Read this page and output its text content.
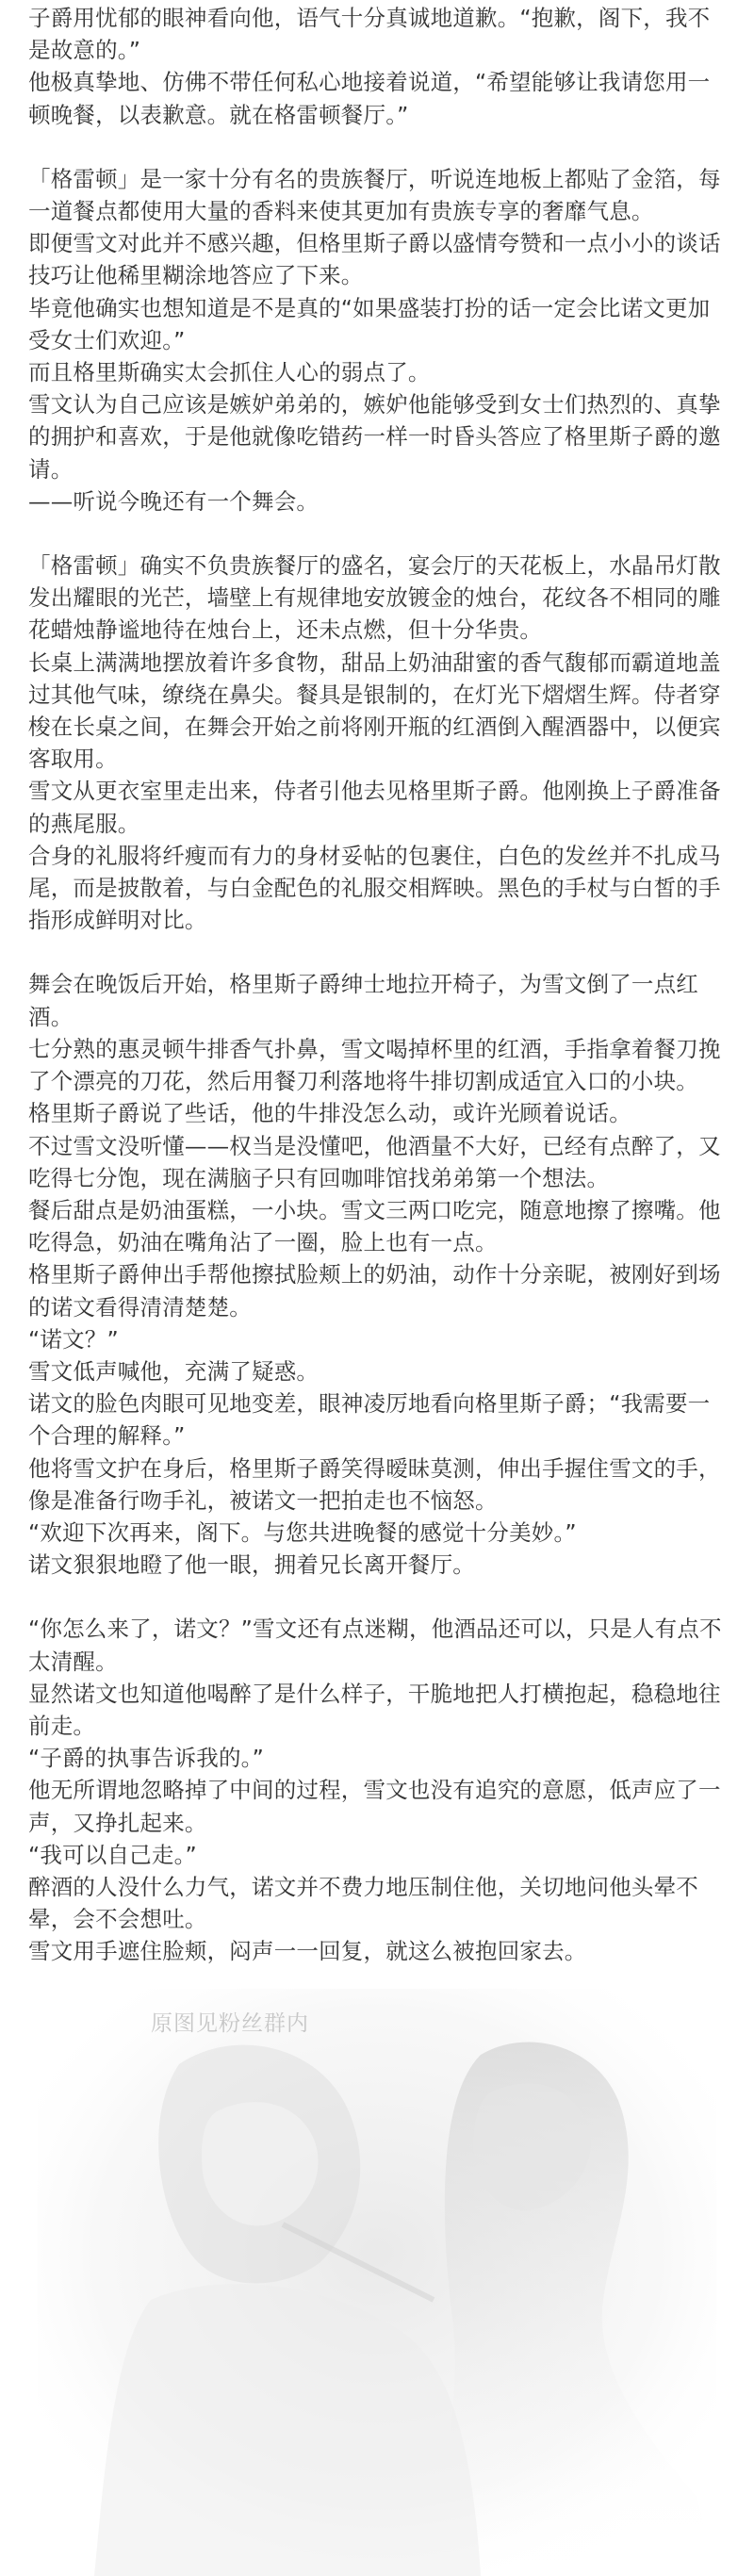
子爵用忧郁的眼神看向他，语气十分真诚地道歉。“抱歉，阁下，我不是故意的。”

他极真挚地、仿佛不带任何私心地接着说道，“希望能够让我请您用一顿晚餐，以表歉意。就在格雷顿餐厅。”

「格雷顿」是一家十分有名的贵族餐厅，听说连地板上都贴了金箔，每一道餐点都使用大量的香料来使其更加有贵族专享的奢靡气息。

即便雪文对此并不感兴趣，但格里斯子爵以盛情夸赞和一点小小的谈话技巧让他稀里糊涂地答应了下来。

毕竟他确实也想知道是不是真的“如果盛装打扮的话一定会比诺文更加受女士们欢迎。”

而且格里斯确实太会抓住人心的弱点了。

雪文认为自己应该是嫉妒弟弟的，嫉妒他能够受到女士们热烈的、真挚的拥护和喜欢，于是他就像吃错药一样一时昏头答应了格里斯子爵的邀请。

——听说今晚还有一个舞会。

「格雷顿」确实不负贵族餐厅的盛名，宴会厅的天花板上，水晶吊灯散发出耀眼的光芒，墙壁上有规律地安放镀金的烛台，花纹各不相同的雕花蜡烛静谧地待在烛台上，还未点燃，但十分华贵。

长桌上满满地摆放着许多食物，甜品上奶油甜蜜的香气馥郁而霸道地盖过其他气味，缭绕在鼻尖。餐具是银制的，在灯光下熠熠生辉。侍者穿梭在长桌之间，在舞会开始之前将刚开瓶的红酒倒入醒酒器中，以便宾客取用。

雪文从更衣室里走出来，侍者引他去见格里斯子爵。他刚换上子爵准备的燕尾服。

合身的礼服将纤瘦而有力的身材妥帖的包裹住，白色的发丝并不扎成马尾，而是披散着，与白金配色的礼服交相辉映。黑色的手杖与白皙的手指形成鲜明对比。

舞会在晚饭后开始，格里斯子爵绅士地拉开椅子，为雪文倒了一点红酒。

七分熟的惠灵顿牛排香气扑鼻，雪文喝掉杯里的红酒，手指拿着餐刀挽了个漂亮的刀花，然后用餐刀利落地将牛排切割成适宜入口的小块。

格里斯子爵说了些话，他的牛排没怎么动，或许光顾着说话。

不过雪文没听懂——权当是没懂吧，他酒量不大好，已经有点醉了，又吃得七分饱，现在满脑子只有回咖啡馆找弟弟第一个想法。

餐后甜点是奶油蛋糕，一小块。雪文三两口吃完，随意地擦了擦嘴。他吃得急，奶油在嘴角沾了一圈，脸上也有一点。

格里斯子爵伸出手帮他擦拭脸颊上的奶油，动作十分亲昵，被刚好到场的诺文看得清清楚楚。

“诺文？”

雪文低声喊他，充满了疑惑。

诺文的脸色肉眼可见地变差，眼神凌厉地看向格里斯子爵；“我需要一个合理的解释。”

他将雪文护在身后，格里斯子爵笑得暧昧莫测，伸出手握住雪文的手，像是准备行吻手礼，被诺文一把拍走也不恼怒。

“欢迎下次再来，阁下。与您共进晚餐的感觉十分美妙。”

诺文狠狠地瞪了他一眼，拥着兄长离开餐厅。

“你怎么来了，诺文？”雪文还有点迷糊，他酒品还可以，只是人有点不太清醒。

显然诺文也知道他喝醉了是什么样子，干脆地把人打横抱起，稳稳地往前走。

“子爵的执事告诉我的。”

他无所谓地忽略掉了中间的过程，雪文也没有追究的意愿，低声应了一声，又挣扎起来。

“我可以自己走。”

醉酒的人没什么力气，诺文并不费力地压制住他，关切地问他头晕不晕，会不会想吐。

雪文用手遮住脸颊，闷声一一回复，就这么被抱回家去。

原图见粉丝群内
